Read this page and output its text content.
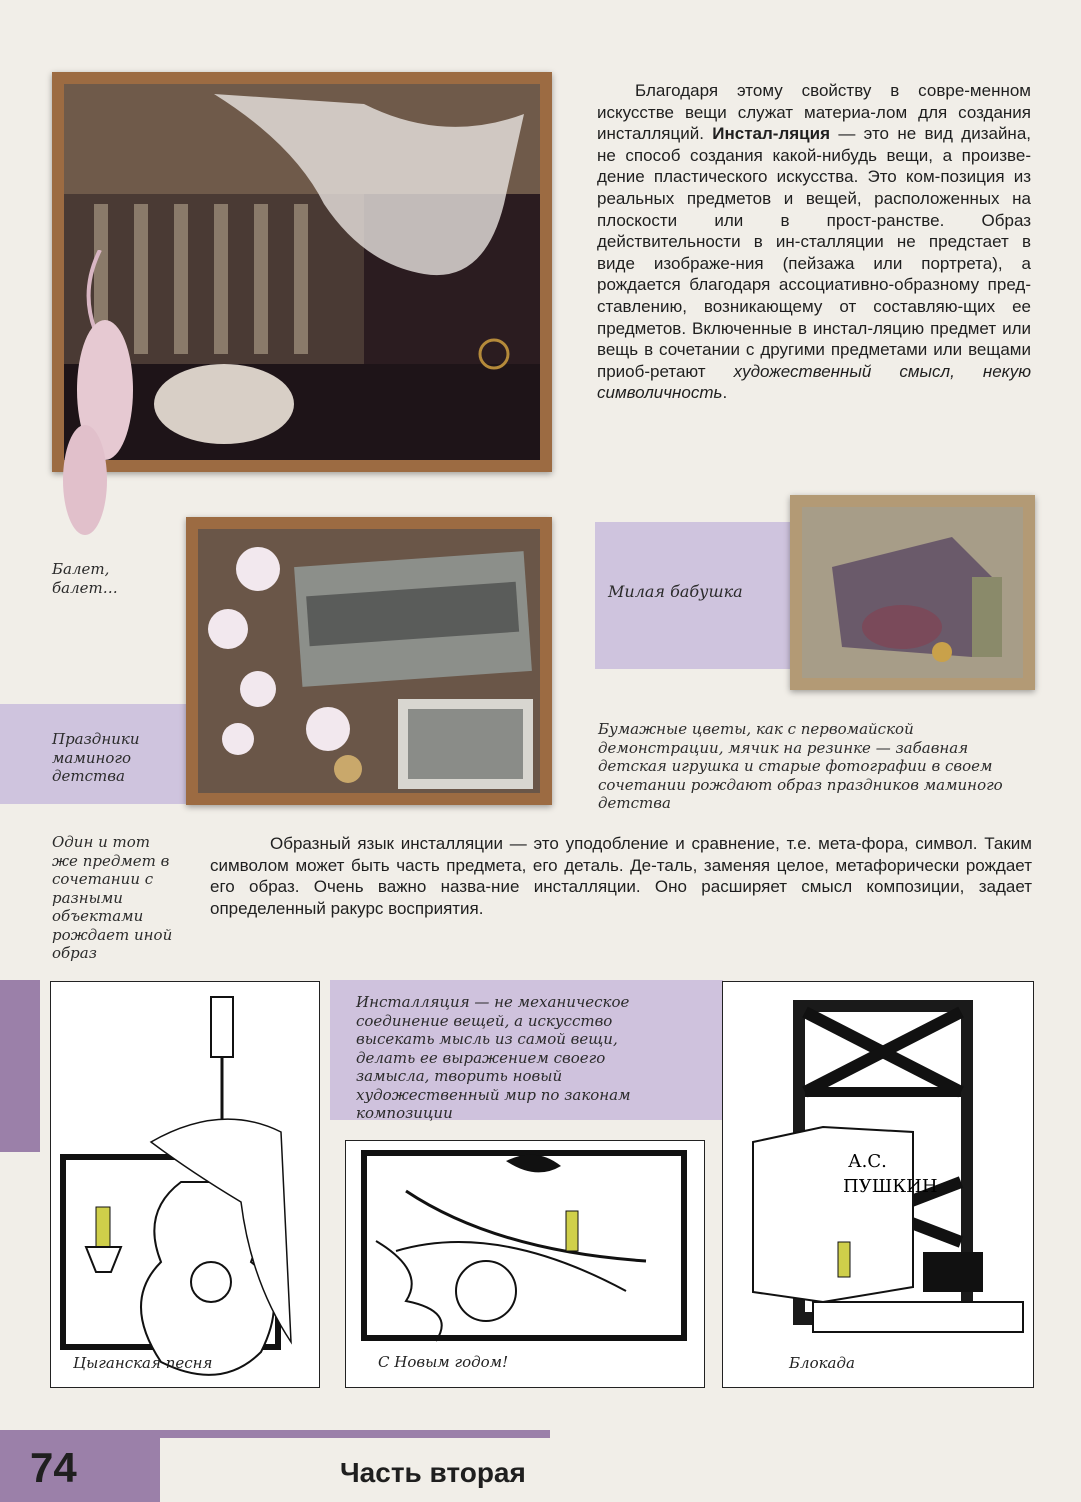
Благодаря этому свойству в совре-менном искусстве вещи служат материа-лом для создания инсталляций. Инстал-ляция — это не вид дизайна, не способ создания какой-нибудь вещи, а произве-дение пластического искусства. Это ком-позиция из реальных предметов и вещей, расположенных на плоскости или в прост-ранстве. Образ действительности в ин-сталляции не предстает в виде изображе-ния (пейзажа или портрета), а рождается благодаря ассоциативно-образному пред-ставлению, возникающему от составляю-щих ее предметов. Включенные в инстал-ляцию предмет или вещь в сочетании с другими предметами или вещами приоб-ретают художественный смысл, некую символичность.
Балет, балет…	Милая бабушка
Праздники маминого детства
Бумажные цветы, как с первомайской демонстрации, мячик на резинке — забавная детская игрушка и старые фотографии в своем сочетании рождают образ праздников маминого детства
Один и тот же предмет в сочетании с разными объектами рождает иной образ
Образный язык инсталляции — это уподобление и сравнение, т.е. мета-фора, символ. Таким символом может быть часть предмета, его деталь. Де-таль, заменяя целое, метафорически рождает его образ. Очень важно назва-ние инсталляции. Оно расширяет смысл композиции, задает определенный ракурс восприятия.
Цыганская песня
Инсталляция — не механическое соединение вещей, а искусство высекать мысль из самой вещи, делать ее выражением своего замысла, творить новый художественный мир по законам композиции
С Новым годом!
А.С.
ПУШКИН
Блокада
74	Часть вторая
